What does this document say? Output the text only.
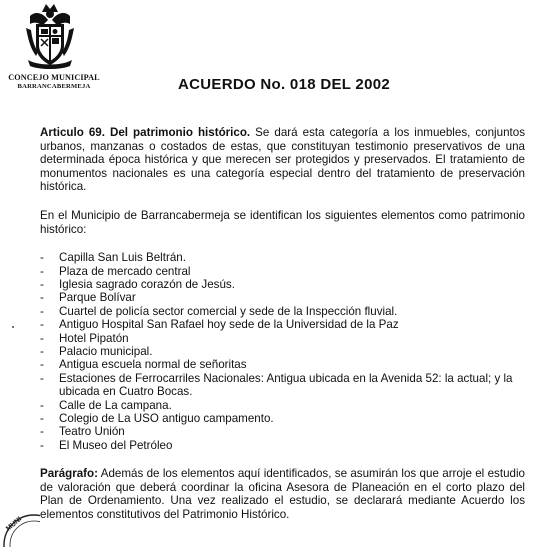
CONCEJO MUNICIPAL
BARRANCABERMEJA	ACUERDO No. 018 DEL 2002

Articulo 69. Del patrimonio histórico. Se dará esta categoría a los inmuebles, conjuntos urbanos, manzanas o costados de estas, que constituyan testimonio preservativos de una determinada época histórica y que merecen ser protegidos y preservados. El tratamiento de monumentos nacionales es una categoría especial dentro del tratamiento de preservación histórica.

En el Municipio de Barrancabermeja se identifican los siguientes elementos como patrimonio histórico:

- Capilla San Luis Beltrán.
- Plaza de mercado central
- Iglesia sagrado corazón de Jesús.
- Parque Bolívar
- Cuartel de policía sector comercial y sede de la Inspección fluvial.
- Antiguo Hospital San Rafael hoy sede de la Universidad de la Paz
- Hotel Pipatón
- Palacio municipal.
- Antigua escuela normal de señoritas
- Estaciones de Ferrocarriles Nacionales: Antigua ubicada en la Avenida 52: la actual; y la ubicada en Cuatro Bocas.
- Calle de La campana.
- Colegio de La USO antiguo campamento.
- Teatro Unión
- El Museo del Petróleo

Parágrafo: Además de los elementos aquí identificados, se asumirán los que arroje el estudio de valoración que deberá coordinar la oficina Asesora de Planeación en el corto plazo del Plan de Ordenamiento. Una vez realizado el estudio, se declarará mediante Acuerdo los elementos constitutivos del Patrimonio Histórico.

MUNI
